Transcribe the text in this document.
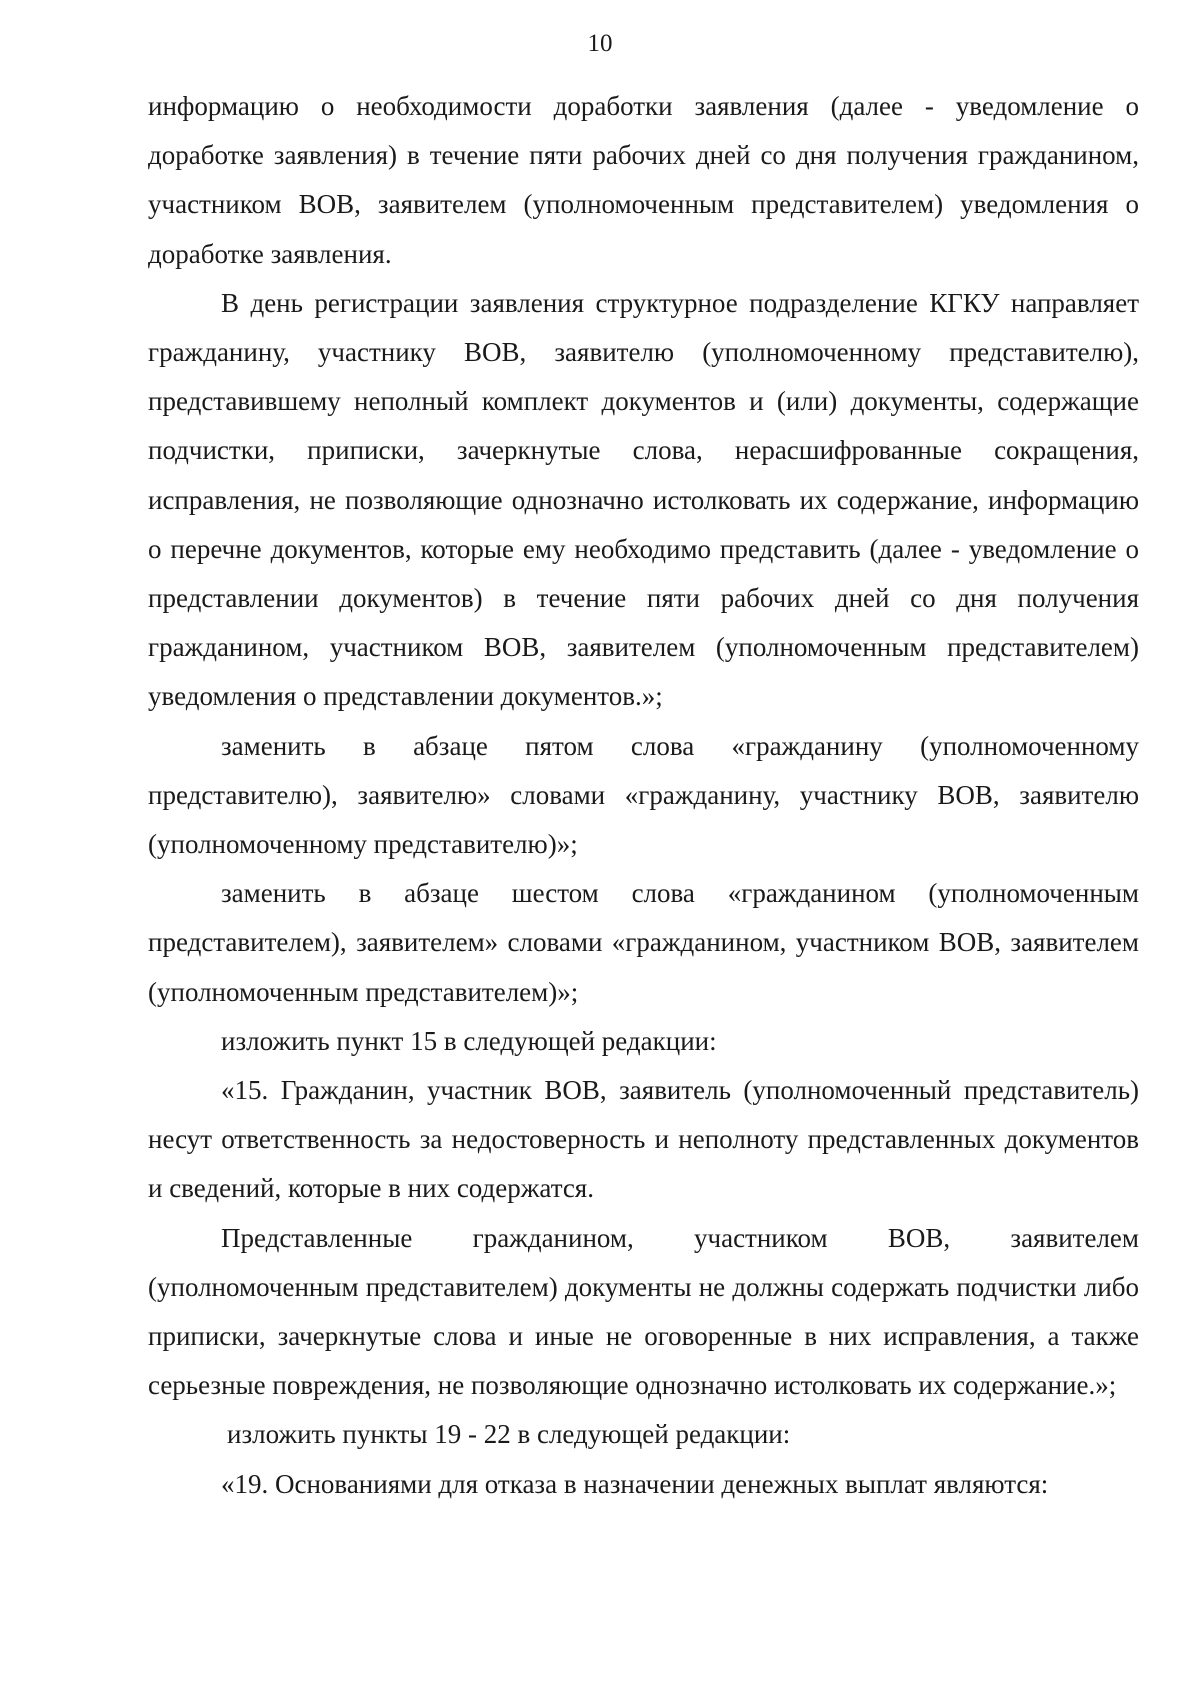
10

информацию о необходимости доработки заявления (далее - уведомление о доработке заявления) в течение пяти рабочих дней со дня получения гражданином, участником ВОВ, заявителем (уполномоченным представителем) уведомления о доработке заявления.

В день регистрации заявления структурное подразделение КГКУ направляет гражданину, участнику ВОВ, заявителю (уполномоченному представителю), представившему неполный комплект документов и (или) документы, содержащие подчистки, приписки, зачеркнутые слова, нерасшифрованные сокращения, исправления, не позволяющие однозначно истолковать их содержание, информацию о перечне документов, которые ему необходимо представить (далее - уведомление о представлении документов) в течение пяти рабочих дней со дня получения гражданином, участником ВОВ, заявителем (уполномоченным представителем) уведомления о представлении документов.»;

заменить в абзаце пятом слова «гражданину (уполномоченному представителю), заявителю» словами «гражданину, участнику ВОВ, заявителю (уполномоченному представителю)»;

заменить в абзаце шестом слова «гражданином (уполномоченным представителем), заявителем» словами «гражданином, участником ВОВ, заявителем (уполномоченным представителем)»;

изложить пункт 15 в следующей редакции:

«15. Гражданин, участник ВОВ, заявитель (уполномоченный представитель) несут ответственность за недостоверность и неполноту представленных документов и сведений, которые в них содержатся.

Представленные гражданином, участником ВОВ, заявителем (уполномоченным представителем) документы не должны содержать подчистки либо приписки, зачеркнутые слова и иные не оговоренные в них исправления, а также серьезные повреждения, не позволяющие однозначно истолковать их содержание.»;

изложить пункты 19 - 22 в следующей редакции:

«19. Основаниями для отказа в назначении денежных выплат являются:
